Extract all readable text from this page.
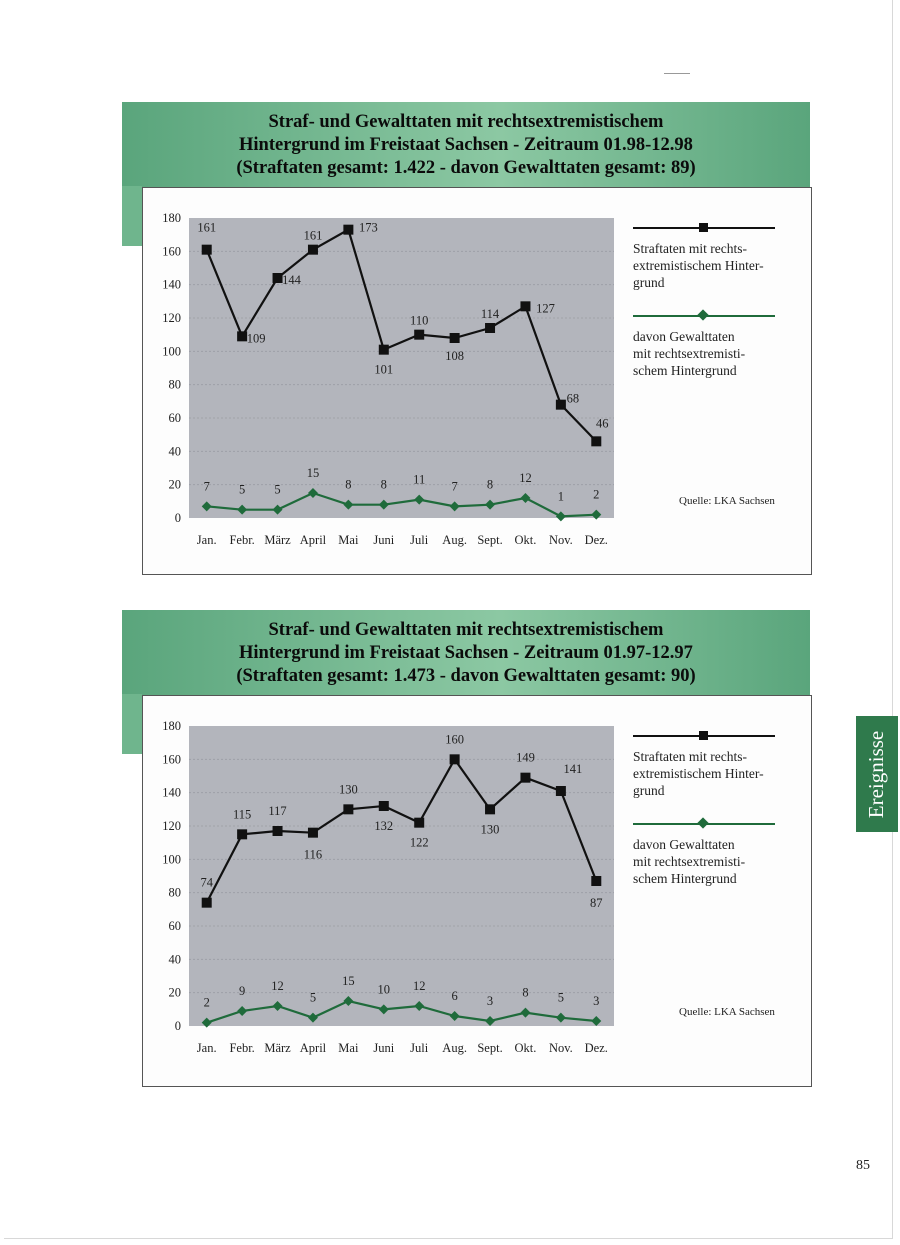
Straf- und Gewalttaten mit rechtsextremistischem
Hintergrund im Freistaat Sachsen - Zeitraum 01.98-12.98
(Straftaten gesamt: 1.422 - davon Gewalttaten gesamt: 89)
0
20
40
60
80
100
120
140
160
180
Jan. Febr. März April Mai Juni Juli Aug. Sept. Okt. Nov. Dez.
161
109
144
161
173
101
110
108
114	127
68
46
7 5 5
15
8 8 11 7 8 12
1 2
Straftaten mit rechts-
extremistischem Hinter-
grund
davon Gewalttaten
mit rechtsextremisti-
schem Hintergrund
Quelle: LKA Sachsen
Straf- und Gewalttaten mit rechtsextremistischem
Hintergrund im Freistaat Sachsen - Zeitraum 01.97-12.97
(Straftaten gesamt: 1.473 - davon Gewalttaten gesamt: 90)
0
20
40
60
80
100
120
140
160
180
Jan. Febr. März April Mai Juni Juli Aug. Sept. Okt. Nov. Dez.
74
115 117
116
130
132
122
160
130
149
141
87
2
9 12
5
15
10 12
6 3
8 5 3
Straftaten mit rechts-
extremistischem Hinter-
grund
davon Gewalttaten
mit rechtsextremisti-
schem Hintergrund
Quelle: LKA Sachsen
Ereignisse
85
